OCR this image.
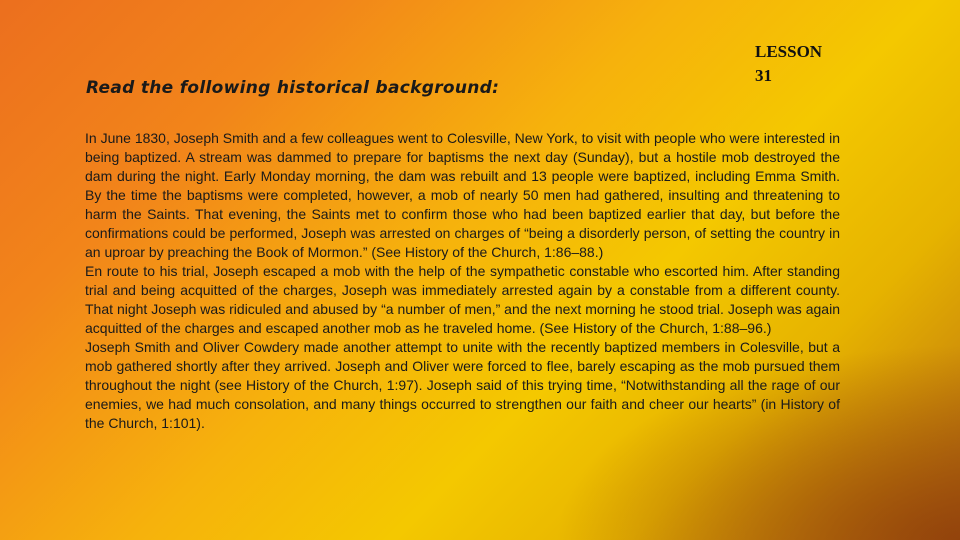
Read the following historical background:
LESSON
31

In June 1830, Joseph Smith and a few colleagues went to Colesville, New York, to visit with people who were interested in being baptized. A stream was dammed to prepare for baptisms the next day (Sunday), but a hostile mob destroyed the dam during the night. Early Monday morning, the dam was rebuilt and 13 people were baptized, including Emma Smith. By the time the baptisms were completed, however, a mob of nearly 50 men had gathered, insulting and threatening to harm the Saints. That evening, the Saints met to confirm those who had been baptized earlier that day, but before the confirmations could be performed, Joseph was arrested on charges of “being a disorderly person, of setting the country in an uproar by preaching the Book of Mormon.” (See History of the Church, 1:86–88.)

En route to his trial, Joseph escaped a mob with the help of the sympathetic constable who escorted him. After standing trial and being acquitted of the charges, Joseph was immediately arrested again by a constable from a different county. That night Joseph was ridiculed and abused by “a number of men,” and the next morning he stood trial. Joseph was again acquitted of the charges and escaped another mob as he traveled home. (See History of the Church, 1:88–96.)

Joseph Smith and Oliver Cowdery made another attempt to unite with the recently baptized members in Colesville, but a mob gathered shortly after they arrived. Joseph and Oliver were forced to flee, barely escaping as the mob pursued them throughout the night (see History of the Church, 1:97). Joseph said of this trying time, “Notwithstanding all the rage of our enemies, we had much consolation, and many things occurred to strengthen our faith and cheer our hearts” (in History of the Church, 1:101).
